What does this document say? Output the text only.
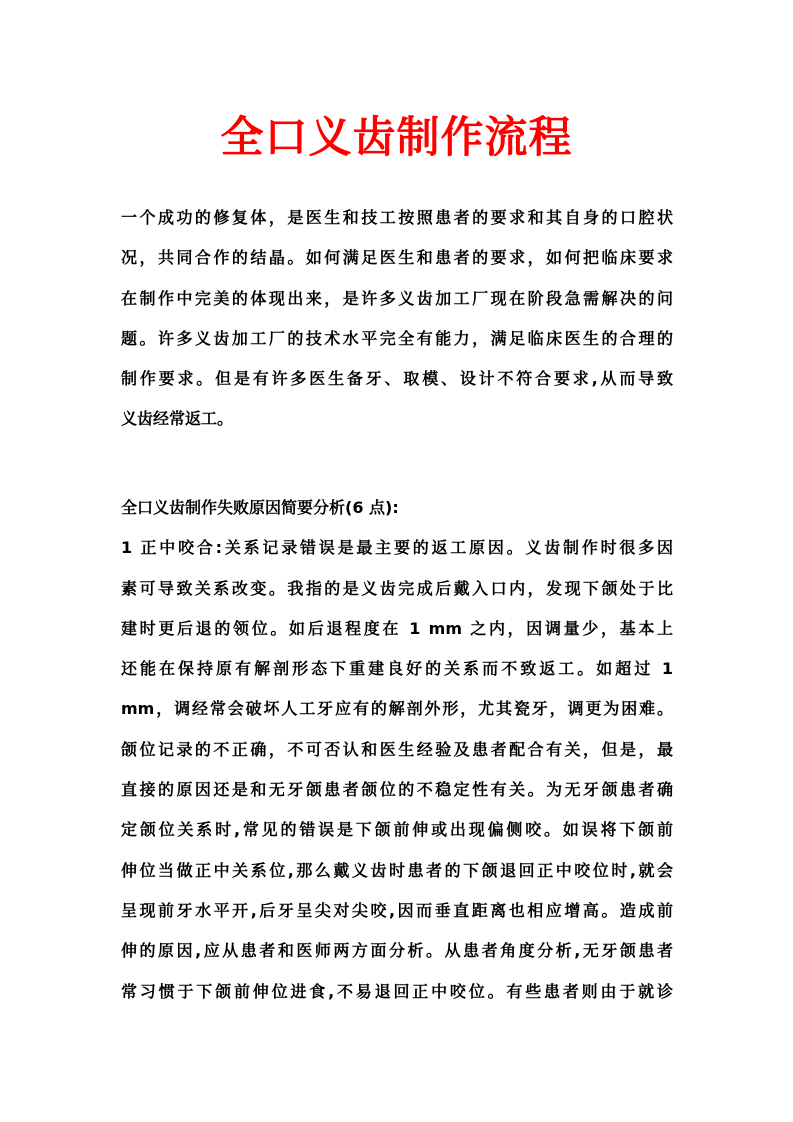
全口义齿制作流程
一个成功的修复体，是医生和技工按照患者的要求和其自身的口腔状
况，共同合作的结晶。如何满足医生和患者的要求，如何把临床要求
在制作中完美的体现出来，是许多义齿加工厂现在阶段急需解决的问
题。许多义齿加工厂的技术水平完全有能力，满足临床医生的合理的
制作要求。但是有许多医生备牙、取模、设计不符合要求,从而导致
义齿经常返工。
全口义齿制作失败原因简要分析(6 点):
1 正中咬合:关系记录错误是最主要的返工原因。义齿制作时很多因
素可导致关系改变。我指的是义齿完成后戴入口内，发现下颌处于比
建时更后退的领位。如后退程度在 1 mm 之内，因调量少，基本上
还能在保持原有解剖形态下重建良好的关系而不致返工。如超过 1
mm，调经常会破坏人工牙应有的解剖外形，尤其瓷牙，调更为困难。
颌位记录的不正确，不可否认和医生经验及患者配合有关，但是，最
直接的原因还是和无牙颌患者颌位的不稳定性有关。为无牙颌患者确
定颌位关系时,常见的错误是下颌前伸或出现偏侧咬。如误将下颌前
伸位当做正中关系位,那么戴义齿时患者的下颌退回正中咬位时,就会
呈现前牙水平开,后牙呈尖对尖咬,因而垂直距离也相应增高。造成前
伸的原因,应从患者和医师两方面分析。从患者角度分析,无牙颌患者
常习惯于下颌前伸位进食,不易退回正中咬位。有些患者则由于就诊
